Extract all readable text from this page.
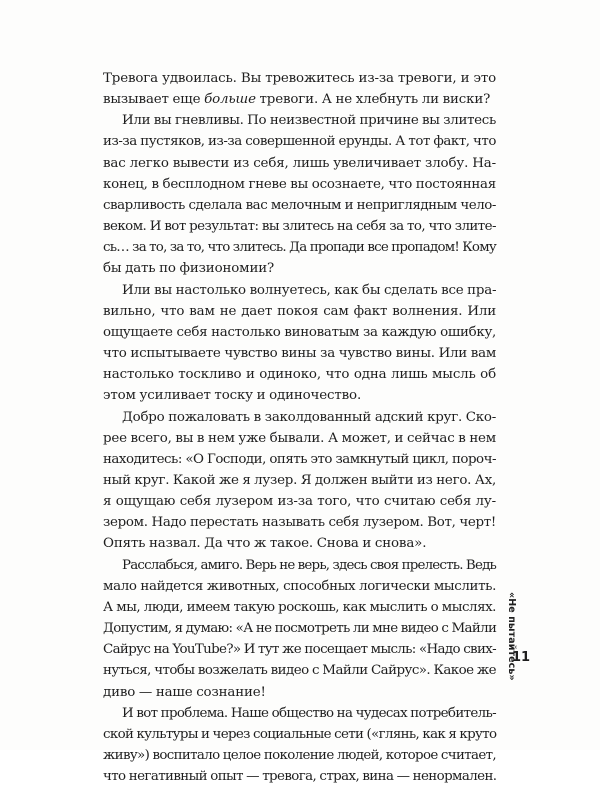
Тревога удвоилась. Вы тревожитесь из-за тревоги, и это
вызывает еще больше тревоги. А не хлебнуть ли виски?
Или вы гневливы. По неизвестной причине вы злитесь
из-за пустяков, из-за совершенной ерунды. А тот факт, что
вас легко вывести из себя, лишь увеличивает злобу. На-
конец, в бесплодном гневе вы осознаете, что постоянная
сварливость сделала вас мелочным и неприглядным чело-
веком. И вот результат: вы злитесь на себя за то, что злите-
сь… за то, за то, что злитесь. Да пропади все пропадом! Кому
бы дать по физиономии?
Или вы настолько волнуетесь, как бы сделать все пра-
вильно, что вам не дает покоя сам факт волнения. Или
ощущаете себя настолько виноватым за каждую ошибку,
что испытываете чувство вины за чувство вины. Или вам
настолько тоскливо и одиноко, что одна лишь мысль об
этом усиливает тоску и одиночество.
Добро пожаловать в заколдованный адский круг. Ско-
рее всего, вы в нем уже бывали. А может, и сейчас в нем
находитесь: «О Господи, опять это замкнутый цикл, пороч-
ный круг. Какой же я лузер. Я должен выйти из него. Ах,
я ощущаю себя лузером из-за того, что считаю себя лу-
зером. Надо перестать называть себя лузером. Вот, черт!
Опять назвал. Да что ж такое. Снова и снова».
Расслабься, амиго. Верь не верь, здесь своя прелесть. Ведь
мало найдется животных, способных логически мыслить.
А мы, люди, имеем такую роскошь, как мыслить о мыслях.
Допустим, я думаю: «А не посмотреть ли мне видео с Майли
Сайрус на YouTube?» И тут же посещает мысль: «Надо свих-
нуться, чтобы возжелать видео с Майли Сайрус». Какое же
диво — наше сознание!
И вот проблема. Наше общество на чудесах потребитель-
ской культуры и через социальные сети («глянь, как я круто
живу») воспитало целое поколение людей, которое считает,
что негативный опыт — тревога, страх, вина — ненормален.
«Не пытайтесь»
11
